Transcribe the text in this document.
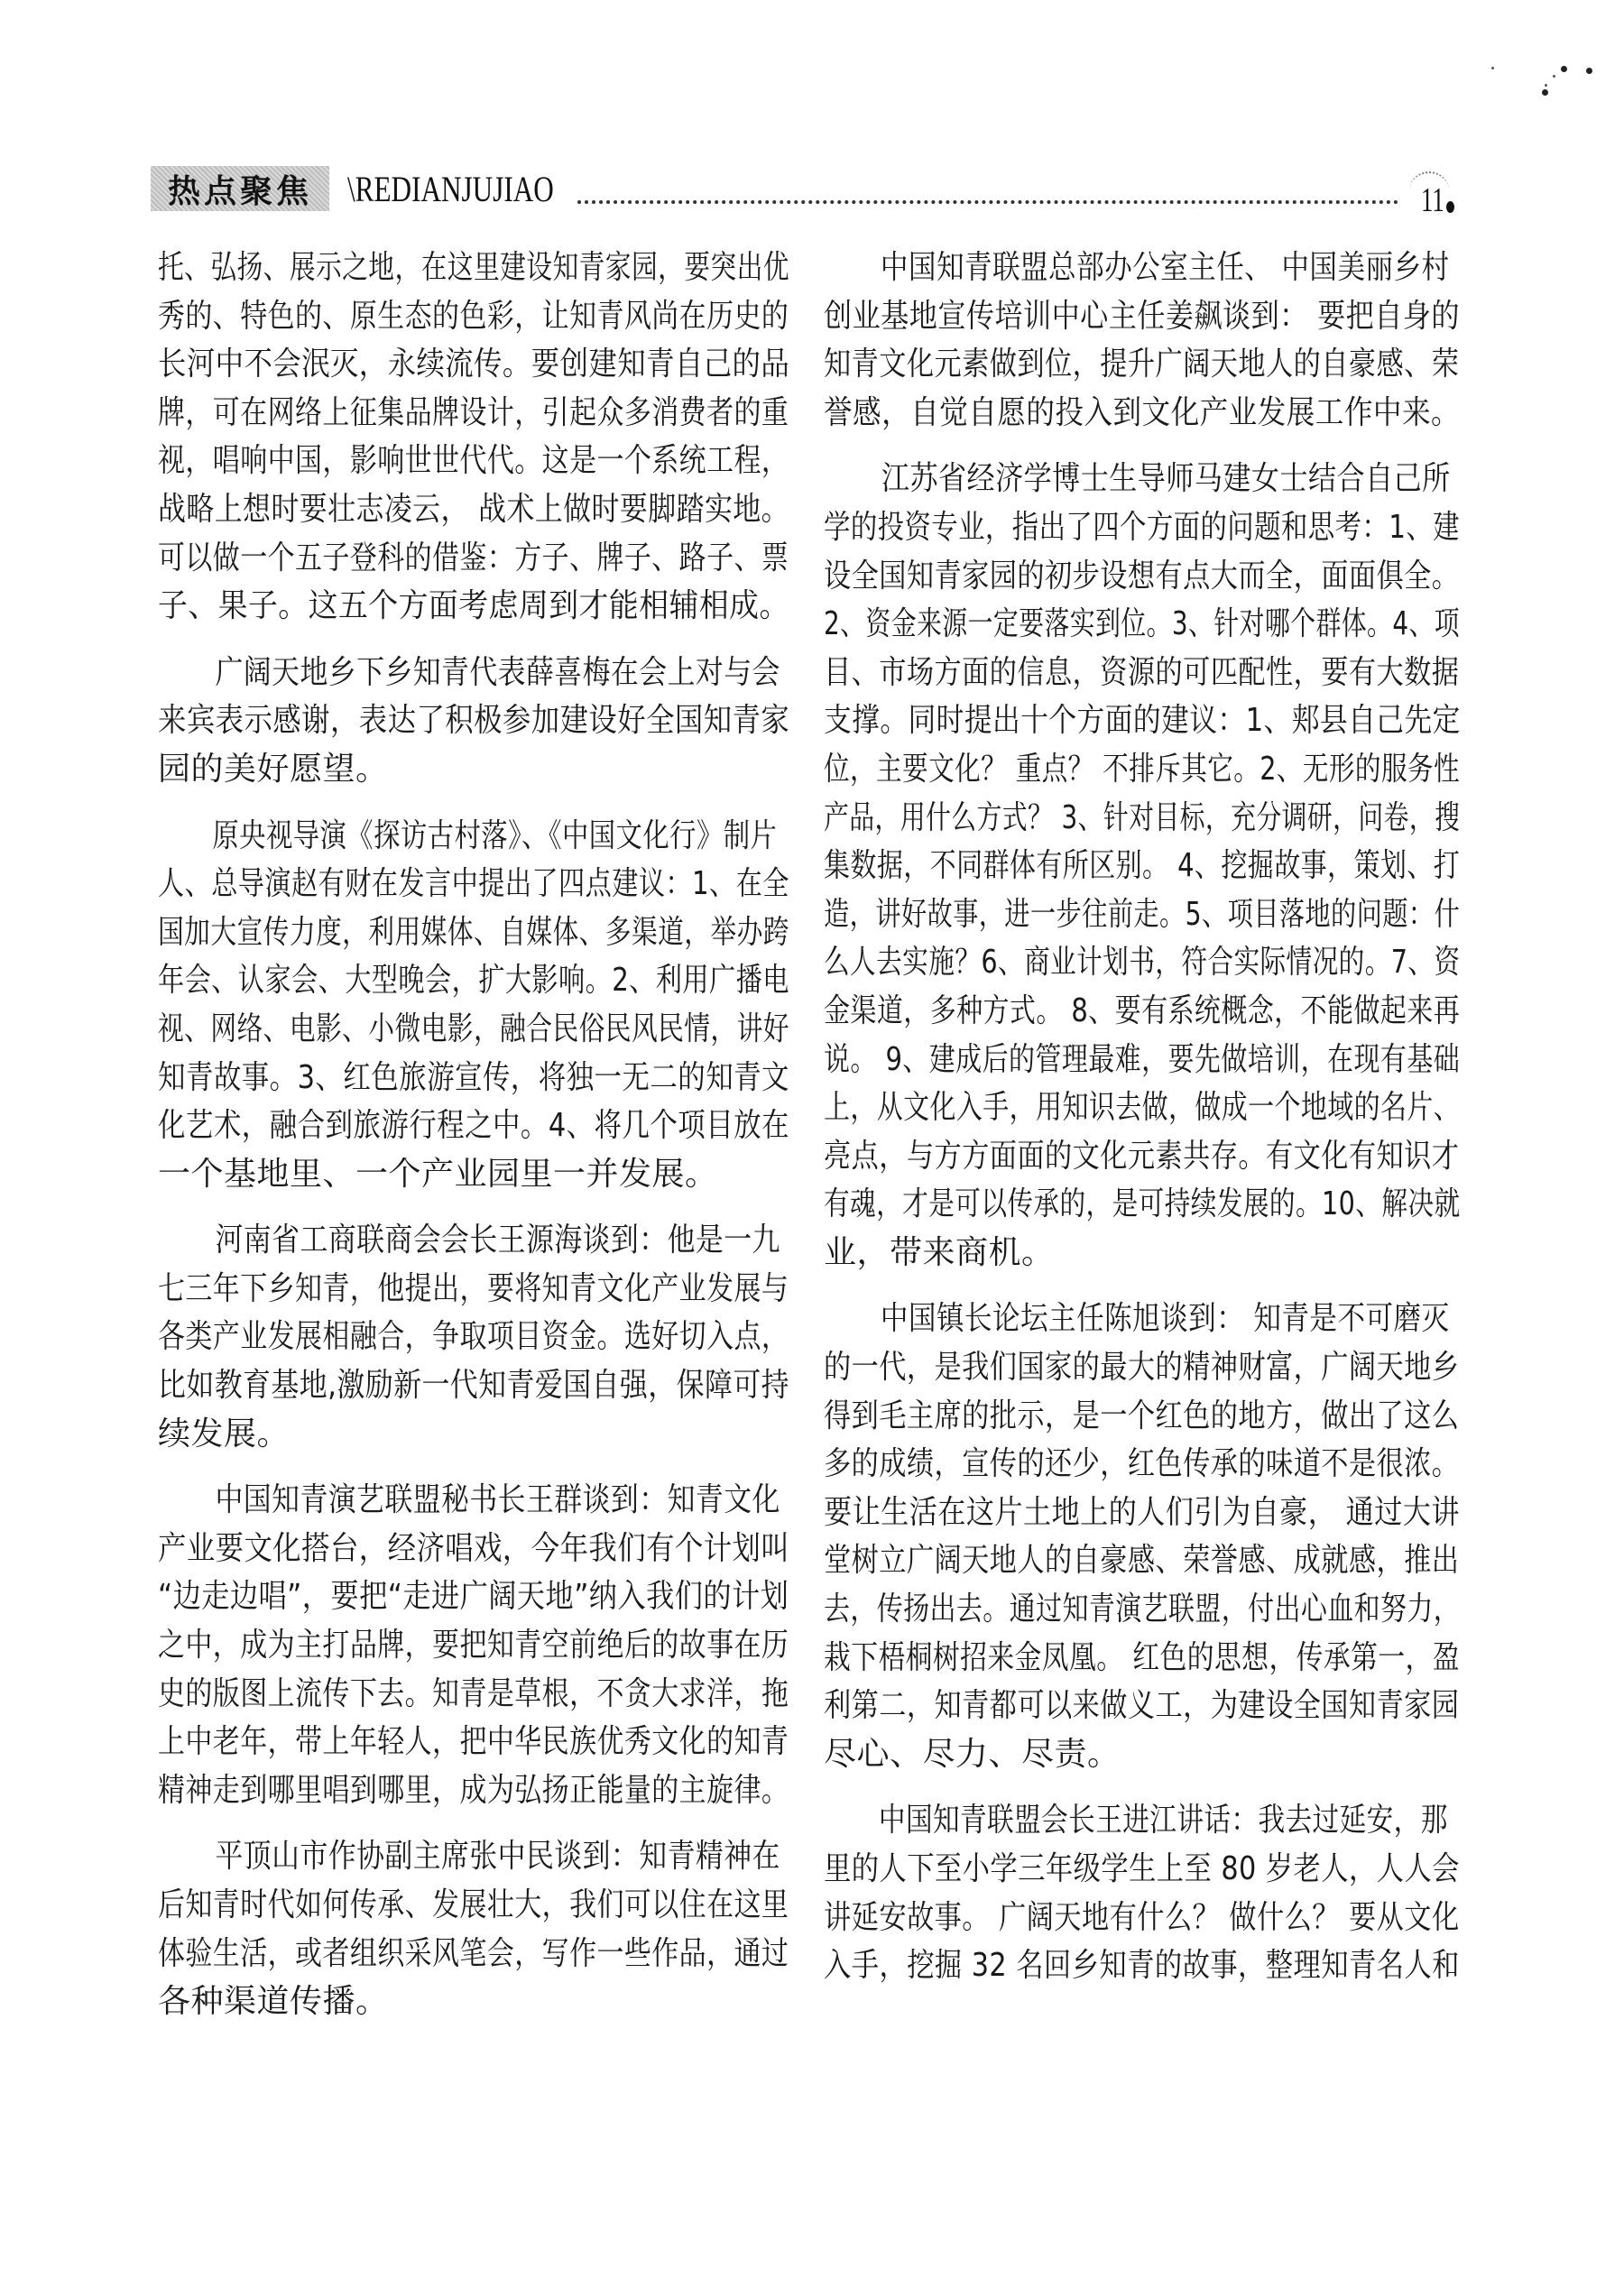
热点聚焦 \REDIANJUJIAO	11
托、弘扬、展示之地，在这里建设知青家园，要突出优
秀的、特色的、原生态的色彩，让知青风尚在历史的
长河中不会泯灭，永续流传。要创建知青自己的品
牌，可在网络上征集品牌设计，引起众多消费者的重
视，唱响中国，影响世世代代。这是一个系统工程，
战略上想时要壮志凌云， 战术上做时要脚踏实地。
可以做一个五子登科的借鉴：方子、牌子、路子、票
子、果子。这五个方面考虑周到才能相辅相成。
广阔天地乡下乡知青代表薛喜梅在会上对与会
来宾表示感谢，表达了积极参加建设好全国知青家
园的美好愿望。
原央视导演《探访古村落》、《中国文化行》制片
人、总导演赵有财在发言中提出了四点建议：1、在全
国加大宣传力度，利用媒体、自媒体、多渠道，举办跨
年会、认家会、大型晚会，扩大影响。2、利用广播电
视、网络、电影、小微电影，融合民俗民风民情，讲好
知青故事。3、红色旅游宣传，将独一无二的知青文
化艺术，融合到旅游行程之中。4、将几个项目放在
一个基地里、一个产业园里一并发展。
河南省工商联商会会长王源海谈到：他是一九
七三年下乡知青，他提出，要将知青文化产业发展与
各类产业发展相融合，争取项目资金。选好切入点，
比如教育基地,激励新一代知青爱国自强，保障可持
续发展。
中国知青演艺联盟秘书长王群谈到：知青文化
产业要文化搭台，经济唱戏，今年我们有个计划叫
“边走边唱”，要把“走进广阔天地”纳入我们的计划
之中，成为主打品牌，要把知青空前绝后的故事在历
史的版图上流传下去。知青是草根，不贪大求洋，拖
上中老年，带上年轻人，把中华民族优秀文化的知青
精神走到哪里唱到哪里，成为弘扬正能量的主旋律。
平顶山市作协副主席张中民谈到：知青精神在
后知青时代如何传承、发展壮大，我们可以住在这里
体验生活，或者组织采风笔会，写作一些作品，通过
各种渠道传播。
中国知青联盟总部办公室主任、 中国美丽乡村
创业基地宣传培训中心主任姜飙谈到： 要把自身的
知青文化元素做到位，提升广阔天地人的自豪感、荣
誉感，自觉自愿的投入到文化产业发展工作中来。
江苏省经济学博士生导师马建女士结合自己所
学的投资专业，指出了四个方面的问题和思考：1、建
设全国知青家园的初步设想有点大而全，面面俱全。
2、资金来源一定要落实到位。3、针对哪个群体。4、项
目、市场方面的信息，资源的可匹配性，要有大数据
支撑。同时提出十个方面的建议：1、郏县自己先定
位，主要文化？ 重点？ 不排斥其它。2、无形的服务性
产品，用什么方式？ 3、针对目标，充分调研，问卷，搜
集数据，不同群体有所区别。 4、挖掘故事，策划、打
造，讲好故事，进一步往前走。5、项目落地的问题：什
么人去实施？6、商业计划书，符合实际情况的。7、资
金渠道，多种方式。 8、要有系统概念，不能做起来再
说。 9、建成后的管理最难，要先做培训，在现有基础
上，从文化入手，用知识去做，做成一个地域的名片、
亮点，与方方面面的文化元素共存。有文化有知识才
有魂，才是可以传承的，是可持续发展的。10、解决就
业，带来商机。
中国镇长论坛主任陈旭谈到： 知青是不可磨灭
的一代，是我们国家的最大的精神财富，广阔天地乡
得到毛主席的批示，是一个红色的地方，做出了这么
多的成绩，宣传的还少，红色传承的味道不是很浓。
要让生活在这片土地上的人们引为自豪， 通过大讲
堂树立广阔天地人的自豪感、荣誉感、成就感，推出
去，传扬出去。通过知青演艺联盟，付出心血和努力，
栽下梧桐树招来金凤凰。 红色的思想，传承第一，盈
利第二，知青都可以来做义工，为建设全国知青家园
尽心、尽力、尽责。
中国知青联盟会长王进江讲话：我去过延安，那
里的人下至小学三年级学生上至 80 岁老人，人人会
讲延安故事。 广阔天地有什么？ 做什么？ 要从文化
入手，挖掘 32 名回乡知青的故事，整理知青名人和
